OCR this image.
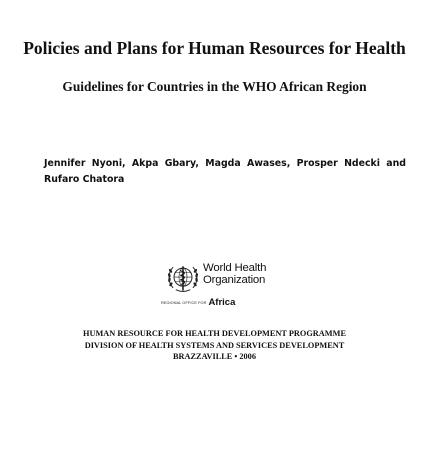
Policies and Plans for Human Resources for Health
Guidelines for Countries in the WHO African Region

Jennifer Nyoni, Akpa Gbary, Magda Awases, Prosper Ndecki and Rufaro Chatora

World Health
Organization
REGIONAL OFFICE FOR Africa
HUMAN RESOURCE FOR HEALTH DEVELOPMENT PROGRAMME
DIVISION OF HEALTH SYSTEMS AND SERVICES DEVELOPMENT
BRAZZAVILLE • 2006
